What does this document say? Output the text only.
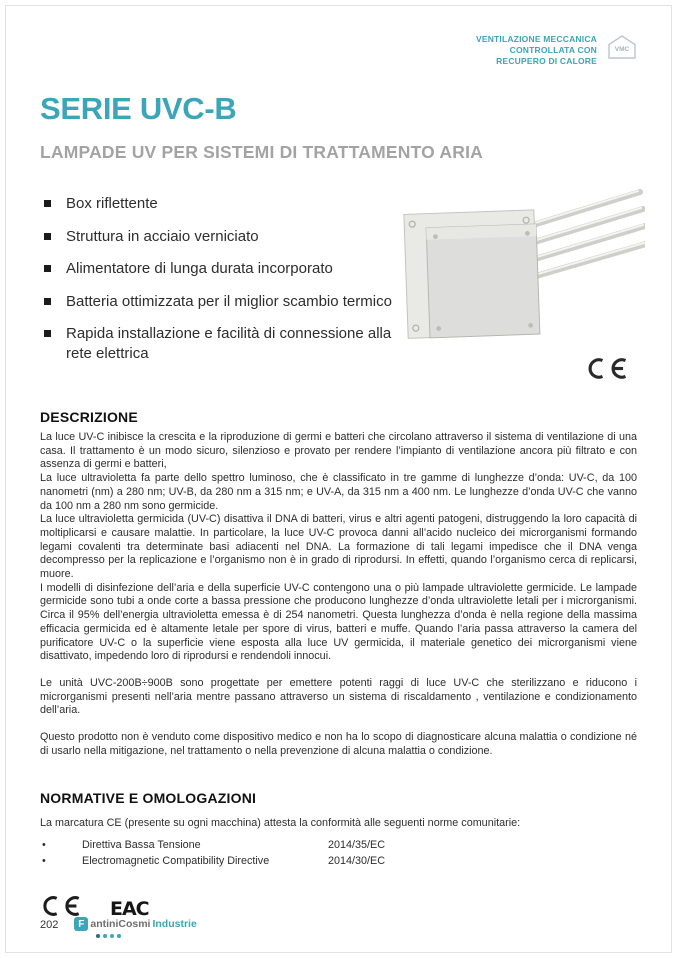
VENTILAZIONE MECCANICA
CONTROLLATA CON
RECUPERO DI CALORE
VMC
SERIE UVC-B
LAMPADE UV PER SISTEMI DI TRATTAMENTO ARIA
Box riflettente
Struttura in acciaio verniciato
Alimentatore di lunga durata incorporato
Batteria ottimizzata per il miglior scambio termico
Rapida installazione e facilità di connessione alla rete elettrica
DESCRIZIONE

La luce UV-C inibisce la crescita e la riproduzione di germi e batteri che circolano attraverso il sistema di ventilazione di una casa. Il trattamento è un modo sicuro, silenzioso e provato per rendere l’impianto di ventilazione ancora più filtrato e con assenza di germi e batteri,

La luce ultravioletta fa parte dello spettro luminoso, che è classificato in tre gamme di lunghezze d’onda: UV-C, da 100 nanometri (nm) a 280 nm; UV-B, da 280 nm a 315 nm; e UV-A, da 315 nm a 400 nm. Le lunghezze d’onda UV-C che vanno da 100 nm a 280 nm sono germicide.

La luce ultravioletta germicida (UV-C) disattiva il DNA di batteri, virus e altri agenti patogeni, distruggendo la loro capacità di moltiplicarsi e causare malattie. In particolare, la luce UV-C provoca danni all’acido nucleico dei microrganismi formando legami covalenti tra determinate basi adiacenti nel DNA. La formazione di tali legami impedisce che il DNA venga decompresso per la replicazione e l’organismo non è in grado di riprodursi. In effetti, quando l’organismo cerca di replicarsi, muore.

I modelli di disinfezione dell’aria e della superficie UV-C contengono una o più lampade ultraviolette germicide. Le lampade germicide sono tubi a onde corte a bassa pressione che producono lunghezze d’onda ultraviolette letali per i microrganismi. Circa il 95% dell’energia ultravioletta emessa è di 254 nanometri. Questa lunghezza d’onda è nella regione della massima efficacia germicida ed è altamente letale per spore di virus, batteri e muffe. Quando l’aria passa attraverso la camera del purificatore UV-C o la superficie viene esposta alla luce UV germicida, il materiale genetico dei microrganismi viene disattivato, impedendo loro di riprodursi e rendendoli innocui.

Le unità UVC-200B÷900B sono progettate per emettere potenti raggi di luce UV-C che sterilizzano e riducono i microrganismi presenti nell’aria mentre passano attraverso un sistema di riscaldamento , ventilazione e condizionamento dell’aria.

Questo prodotto non è venduto come dispositivo medico e non ha lo scopo di diagnosticare alcuna malattia o condizione né di usarlo nella mitigazione, nel trattamento o nella prevenzione di alcuna malattia o condizione.

NORMATIVE E OMOLOGAZIONI

La marcatura CE (presente su ogni macchina) attesta la conformità alle seguenti norme comunitarie:

•	Direttiva Bassa Tensione	2014/35/EC
•	Electromagnetic Compatibility Directive	2014/30/EC
EAC
202	F antiniCosmi Industrie
